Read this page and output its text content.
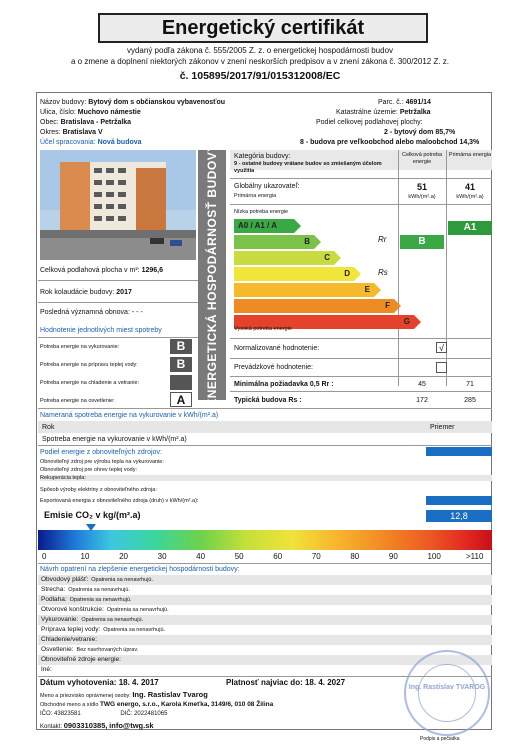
Energetický certifikát
vydaný podľa zákona č. 555/2005 Z. z. o energetickej hospodárnosti budov
a o zmene a doplnení niektorých zákonov v znení neskorších predpisov a v znení zákona č. 300/2012 Z. z.
č. 105895/2017/91/015312008/EC
Názov budovy: Bytový dom s občianskou vybavenosťou
Ulica, číslo: Muchovo námestie
Obec: Bratislava - Petržalka
Okres: Bratislava V
Účel spracovania: Nová budova
Parc. č.: 4691/14
Katastrálne územie: Petržalka
Podiel celkovej podlahovej plochy:
2 - bytový dom 85,7%
8 - budova pre veľkoobchod alebo maloobchod 14,3%
Celková podlahová plocha v m²: 1296,6
Rok kolaudácie budovy: 2017
Posledná významná obnova: - - -
Hodnotenie jednotlivých miest spotreby
Potreba energie na vykurovanie:	B
Potreba energie na prípravu teplej vody:	B
Potreba energie na chladenie a vetranie:
Potreba energie na osvetlenie:	A	ENERGETICKÁ HOSPODÁRNOSŤ BUDOVY Kategória budovy:
9 - ostatné budovy vrátane budov so zmiešaným účelom využitia
Celková potreba energie
Primárna energia
Globálny ukazovateľ:
Primárna energia
51	41
kWh/(m².a)	kWh/(m².a)
Nízka potreba energie
A0 / A1 / A
B
C
D
E
F
G
Rr
Rs
Vysoká potreba energie
B
A1
Normalizované hodnotenie:	√
Prevádzkové hodnotenie:
Minimálna požiadavka 0,5 Rr :	45	71
Typická budova Rs :	172	285
Nameraná spotreba energie na vykurovanie v kWh/(m².a)
Rok	Priemer
Spotreba energie na vykurovanie v kWh/(m².a)
Podiel energie z obnoviteľných zdrojov:
Obnoviteľný zdroj pre výrobu tepla na vykurovanie:
Obnoviteľný zdroj pre ohrev teplej vody:
Rekuperácia tepla:
Spôsob výroby elektriny z obnoviteľného zdroja:
Exportovaná energia z obnoviteľného zdroja (druh) v kWh/(m².a):
Emisie CO₂ v kg/(m².a)	12,8
0	10	20	30	40	50	60	70	80	90	100	>110
Návrh opatrení na zlepšenie energetickej hospodárnosti budovy:
Obvodový plášť: Opatrenia sa nenavrhujú.
Strecha: Opatrenia sa nenavrhujú.
Podlaha: Opatrenia sa nenavrhujú.
Otvorové konštrukcie: Opatrenia sa nenavrhujú.
Vykurovanie: Opatrenia sa nenavrhujú.
Príprava teplej vody: Opatrenia sa nenavrhujú.
Chladenie/vetranie:
Osvetlenie: Bez navrhovaných úprav.
Obnoviteľné zdroje energie:
Iné:
Dátum vyhotovenia: 18. 4. 2017	Platnosť najviac do: 18. 4. 2027
Meno a priezvisko oprávnenej osoby: Ing. Rastislav Tvarog
Obchodné meno a sídlo TWG energo, s.r.o., Karola Kmeťka, 3149/6, 010 08 Žilina
IČO: 43823581	DIČ: 2022481065
Kontakt: 0903310385, info@twg.sk
Podpis a pečiatka
Ing. Rastislav TVAROG
